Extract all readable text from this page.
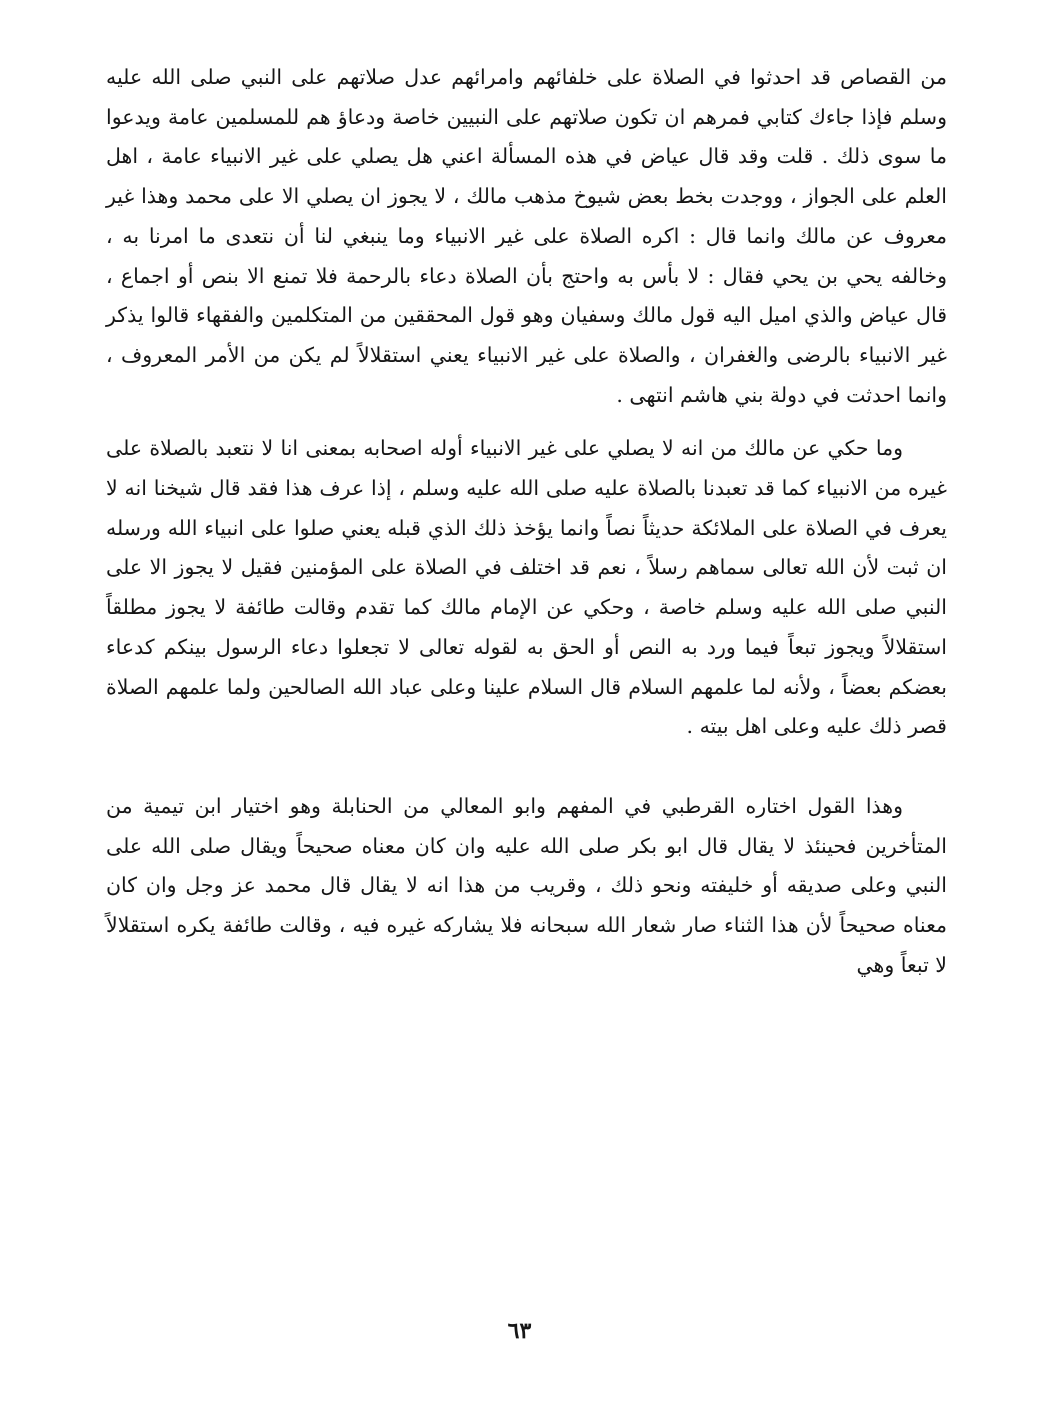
من القصاص قد احدثوا في الصلاة على خلفائهم وامرائهم عدل صلاتهم على النبي صلى الله عليه وسلم فإذا جاءك كتابي فمرهم ان تكون صلاتهم على النبيين خاصة ودعاؤ هم للمسلمين عامة ويدعوا ما سوى ذلك . قلت وقد قال عياض في هذه المسألة اعني هل يصلي على غير الانبياء عامة ، اهل العلم على الجواز ، ووجدت بخط بعض شيوخ مذهب مالك ، لا يجوز ان يصلي الا على محمد وهذا غير معروف عن مالك وانما قال : اكره الصلاة على غير الانبياء وما ينبغي لنا أن نتعدى ما امرنا به ، وخالفه يحي بن يحي فقال : لا بأس به واحتج بأن الصلاة دعاء بالرحمة فلا تمنع الا بنص أو اجماع ، قال عياض والذي اميل اليه قول مالك وسفيان وهو قول المحققين من المتكلمين والفقهاء قالوا يذكر غير الانبياء بالرضى والغفران ، والصلاة على غير الانبياء يعني استقلالاً لم يكن من الأمر المعروف ، وانما احدثت في دولة بني هاشم انتهى .

وما حكي عن مالك من انه لا يصلي على غير الانبياء أوله اصحابه بمعنى انا لا نتعبد بالصلاة على غيره من الانبياء كما قد تعبدنا بالصلاة عليه صلى الله عليه وسلم ، إذا عرف هذا فقد قال شيخنا انه لا يعرف في الصلاة على الملائكة حديثاً نصاً وانما يؤخذ ذلك الذي قبله يعني صلوا على انبياء الله ورسله ان ثبت لأن الله تعالى سماهم رسلاً ، نعم قد اختلف في الصلاة على المؤمنين فقيل لا يجوز الا على النبي صلى الله عليه وسلم خاصة ، وحكي عن الإمام مالك كما تقدم وقالت طائفة لا يجوز مطلقاً استقلالاً ويجوز تبعاً فيما ورد به النص أو الحق به لقوله تعالى لا تجعلوا دعاء الرسول بينكم كدعاء بعضكم بعضاً ، ولأنه لما علمهم السلام قال السلام علينا وعلى عباد الله الصالحين ولما علمهم الصلاة قصر ذلك عليه وعلى اهل بيته .

وهذا القول اختاره القرطبي في المفهم وابو المعالي من الحنابلة وهو اختيار ابن تيمية من المتأخرين فحينئذ لا يقال قال ابو بكر صلى الله عليه وان كان معناه صحيحاً ويقال صلى الله على النبي وعلى صديقه أو خليفته ونحو ذلك ، وقريب من هذا انه لا يقال قال محمد عز وجل وان كان معناه صحيحاً لأن هذا الثناء صار شعار الله سبحانه فلا يشاركه غيره فيه ، وقالت طائفة يكره استقلالاً لا تبعاً وهي

٦٣
